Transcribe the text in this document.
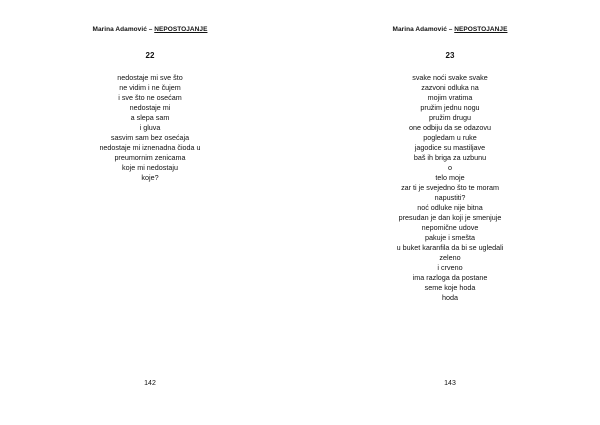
Marina Adamović – NEPOSTOJANJE
22
nedostaje mi sve što
ne vidim i ne čujem
i sve što ne osećam
nedostaje mi
a slepa sam
i gluva
sasvim sam bez osećaja
nedostaje mi iznenadna čioda u
preumornim zenicama
koje mi nedostaju
koje?
142
Marina Adamović – NEPOSTOJANJE
23
svake noći svake svake
zazvoni odluka na
mojim vratima
pružim jednu nogu
pružim drugu
one odbiju da se odazovu
pogledam u ruke
jagodice su mastiljave
baš ih briga za uzbunu
o
telo moje
zar ti je svejedno što te moram
napustiti?
noć odluke nije bitna
presudan je dan koji je smenjuje
nepomične udove
pakuje i smešta
u buket karanfila da bi se ugledali
zeleno
i crveno
ima razloga da postane
seme koje hoda
hoda
143
